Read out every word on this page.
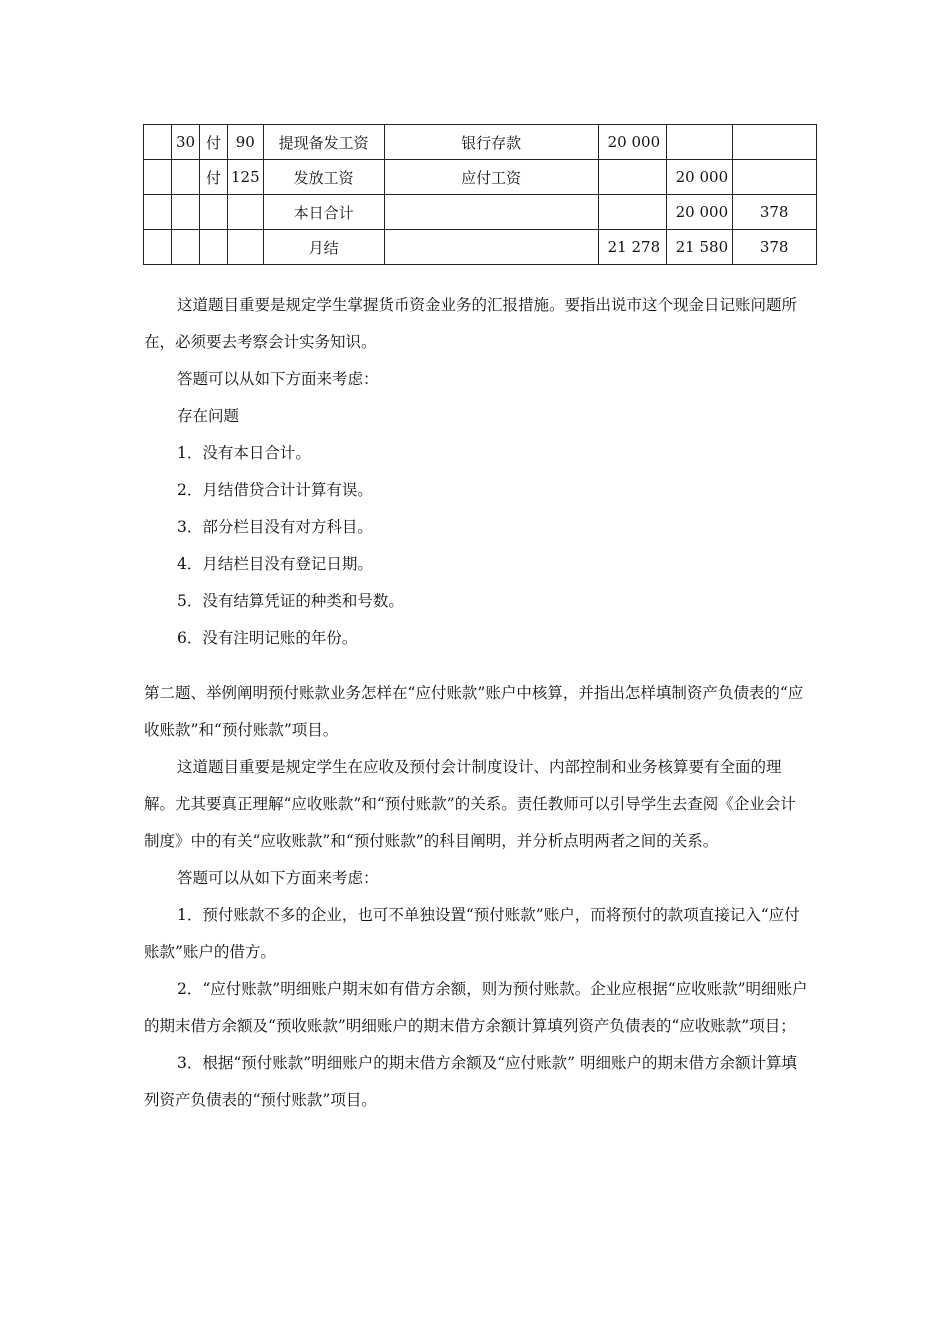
	30	付	90	提现备发工资	银行存款	20 000		
		付	125	发放工资	应付工资		20 000	
				本日合计			20 000	378
				月结		21 278	21 580	378

这道题目重要是规定学生掌握货币资金业务的汇报措施。要指出说市这个现金日记账问题所在，必须要去考察会计实务知识。

答题可以从如下方面来考虑：

存在问题

1．没有本日合计。

2．月结借贷合计计算有误。

3．部分栏目没有对方科目。

4．月结栏目没有登记日期。

5．没有结算凭证的种类和号数。

6．没有注明记账的年份。

第二题、举例阐明预付账款业务怎样在“应付账款”账户中核算，并指出怎样填制资产负债表的“应收账款”和“预付账款”项目。

这道题目重要是规定学生在应收及预付会计制度设计、内部控制和业务核算要有全面的理解。尤其要真正理解“应收账款”和“预付账款”的关系。责任教师可以引导学生去查阅《企业会计制度》中的有关“应收账款”和“预付账款”的科目阐明，并分析点明两者之间的关系。

答题可以从如下方面来考虑：

1．预付账款不多的企业，也可不单独设置“预付账款”账户，而将预付的款项直接记入“应付账款”账户的借方。

2．“应付账款”明细账户期末如有借方余额，则为预付账款。企业应根据“应收账款”明细账户的期末借方余额及“预收账款”明细账户的期末借方余额计算填列资产负债表的“应收账款”项目；

3．根据“预付账款”明细账户的期末借方余额及“应付账款” 明细账户的期末借方余额计算填列资产负债表的“预付账款”项目。
